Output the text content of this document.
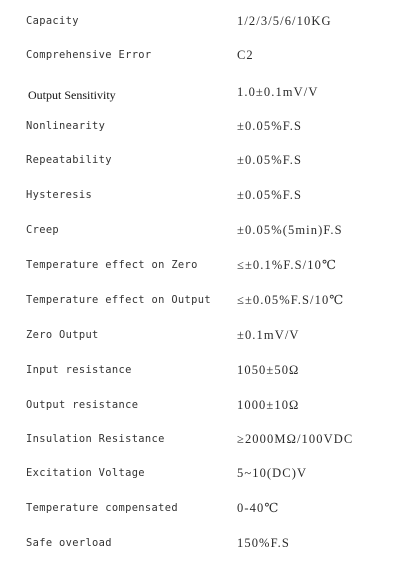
Capacity	1/2/3/5/6/10KG
Comprehensive Error	C2
Output Sensitivity	1.0±0.1mV/V
Nonlinearity	±0.05%F.S
Repeatability	±0.05%F.S
Hysteresis	±0.05%F.S
Creep	±0.05%(5min)F.S
Temperature effect on Zero	≤±0.1%F.S/10℃
Temperature effect on Output ≤±0.05%F.S/10℃
Zero Output	±0.1mV/V
Input resistance	1050±50Ω
Output resistance	1000±10Ω
Insulation Resistance	≥2000MΩ/100VDC
Excitation Voltage	5~10(DC)V
Temperature compensated	0-40℃
Safe overload	150%F.S
